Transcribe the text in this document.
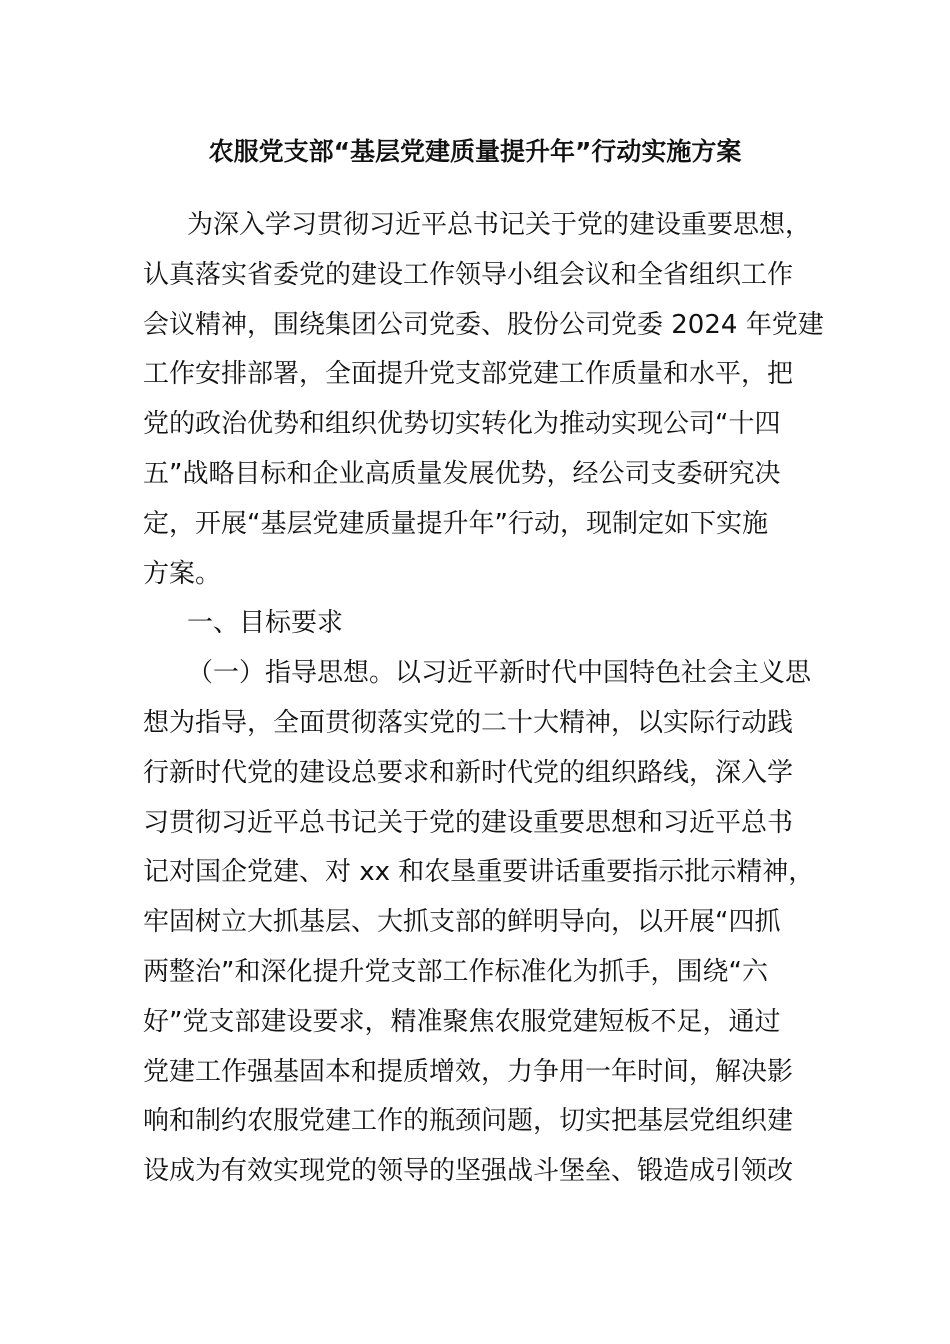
农服党支部“基层党建质量提升年”行动实施方案
为深入学习贯彻习近平总书记关于党的建设重要思想，
认真落实省委党的建设工作领导小组会议和全省组织工作
会议精神，围绕集团公司党委、股份公司党委 2024 年党建
工作安排部署，全面提升党支部党建工作质量和水平，把
党的政治优势和组织优势切实转化为推动实现公司“十四
五”战略目标和企业高质量发展优势，经公司支委研究决
定，开展“基层党建质量提升年”行动，现制定如下实施
方案。
一、目标要求
（一）指导思想。以习近平新时代中国特色社会主义思
想为指导，全面贯彻落实党的二十大精神，以实际行动践
行新时代党的建设总要求和新时代党的组织路线，深入学
习贯彻习近平总书记关于党的建设重要思想和习近平总书
记对国企党建、对 xx 和农垦重要讲话重要指示批示精神，
牢固树立大抓基层、大抓支部的鲜明导向，以开展“四抓
两整治”和深化提升党支部工作标准化为抓手，围绕“六
好”党支部建设要求，精准聚焦农服党建短板不足，通过
党建工作强基固本和提质增效，力争用一年时间，解决影
响和制约农服党建工作的瓶颈问题，切实把基层党组织建
设成为有效实现党的领导的坚强战斗堡垒、锻造成引领改
